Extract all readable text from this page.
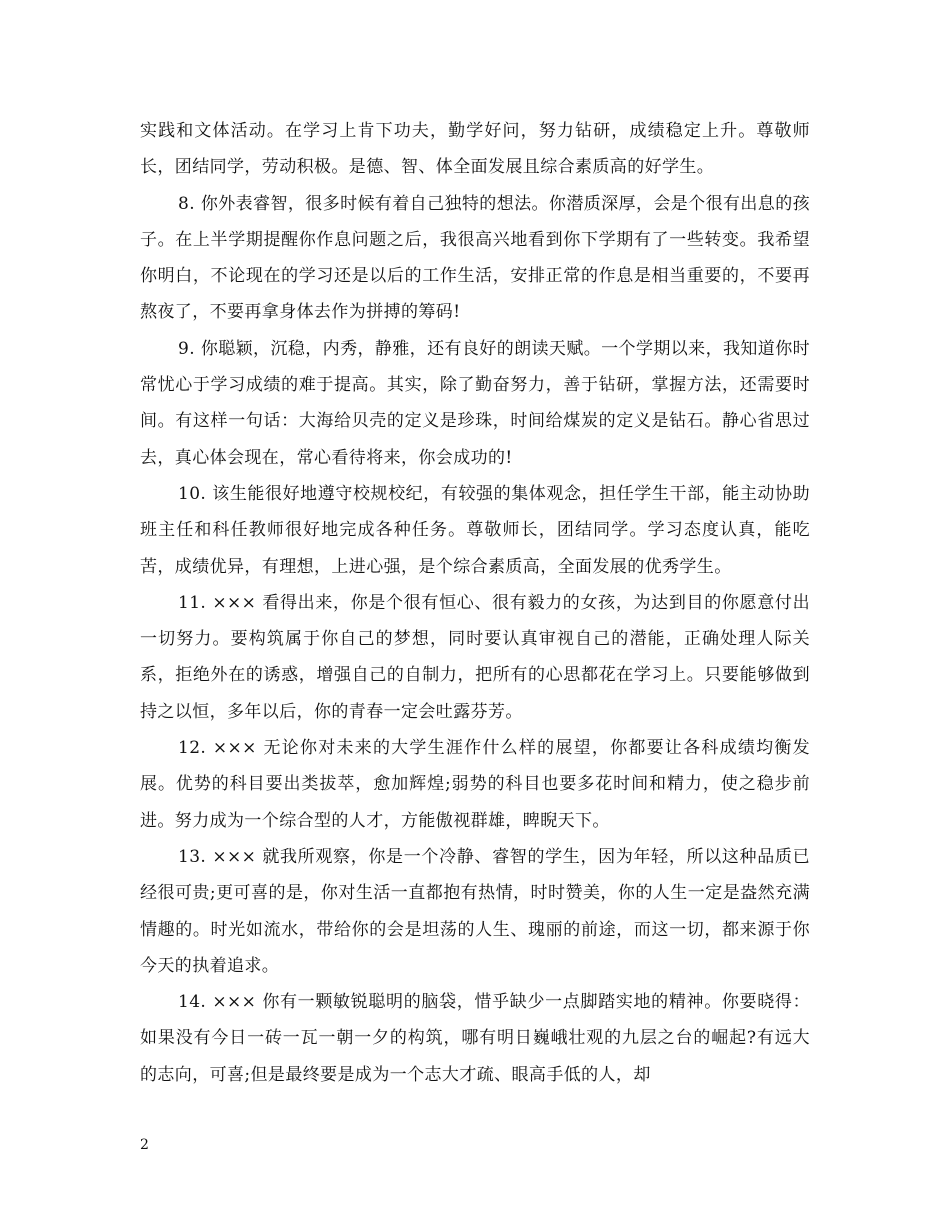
实践和文体活动。在学习上肯下功夫，勤学好问，努力钻研，成绩稳定上升。尊敬师长，团结同学，劳动积极。是德、智、体全面发展且综合素质高的好学生。

8. 你外表睿智，很多时候有着自己独特的想法。你潜质深厚，会是个很有出息的孩子。在上半学期提醒你作息问题之后，我很高兴地看到你下学期有了一些转变。我希望你明白，不论现在的学习还是以后的工作生活，安排正常的作息是相当重要的，不要再熬夜了，不要再拿身体去作为拼搏的筹码!

9. 你聪颖，沉稳，内秀，静雅，还有良好的朗读天赋。一个学期以来，我知道你时常忧心于学习成绩的难于提高。其实，除了勤奋努力，善于钻研，掌握方法，还需要时间。有这样一句话：大海给贝壳的定义是珍珠，时间给煤炭的定义是钻石。静心省思过去，真心体会现在，常心看待将来，你会成功的!

10. 该生能很好地遵守校规校纪，有较强的集体观念，担任学生干部，能主动协助班主任和科任教师很好地完成各种任务。尊敬师长，团结同学。学习态度认真，能吃苦，成绩优异，有理想，上进心强，是个综合素质高，全面发展的优秀学生。

11. ××× 看得出来，你是个很有恒心、很有毅力的女孩，为达到目的你愿意付出一切努力。要构筑属于你自己的梦想，同时要认真审视自己的潜能，正确处理人际关系，拒绝外在的诱惑，增强自己的自制力，把所有的心思都花在学习上。只要能够做到持之以恒，多年以后，你的青春一定会吐露芬芳。

12. ××× 无论你对未来的大学生涯作什么样的展望，你都要让各科成绩均衡发展。优势的科目要出类拔萃，愈加辉煌;弱势的科目也要多花时间和精力，使之稳步前进。努力成为一个综合型的人才，方能傲视群雄，睥睨天下。

13. ××× 就我所观察，你是一个冷静、睿智的学生，因为年轻，所以这种品质已经很可贵;更可喜的是，你对生活一直都抱有热情，时时赞美，你的人生一定是盎然充满情趣的。时光如流水，带给你的会是坦荡的人生、瑰丽的前途，而这一切，都来源于你今天的执着追求。

14. ××× 你有一颗敏锐聪明的脑袋，惜乎缺少一点脚踏实地的精神。你要晓得：如果没有今日一砖一瓦一朝一夕的构筑，哪有明日巍峨壮观的九层之台的崛起?有远大的志向，可喜;但是最终要是成为一个志大才疏、眼高手低的人，却

2
